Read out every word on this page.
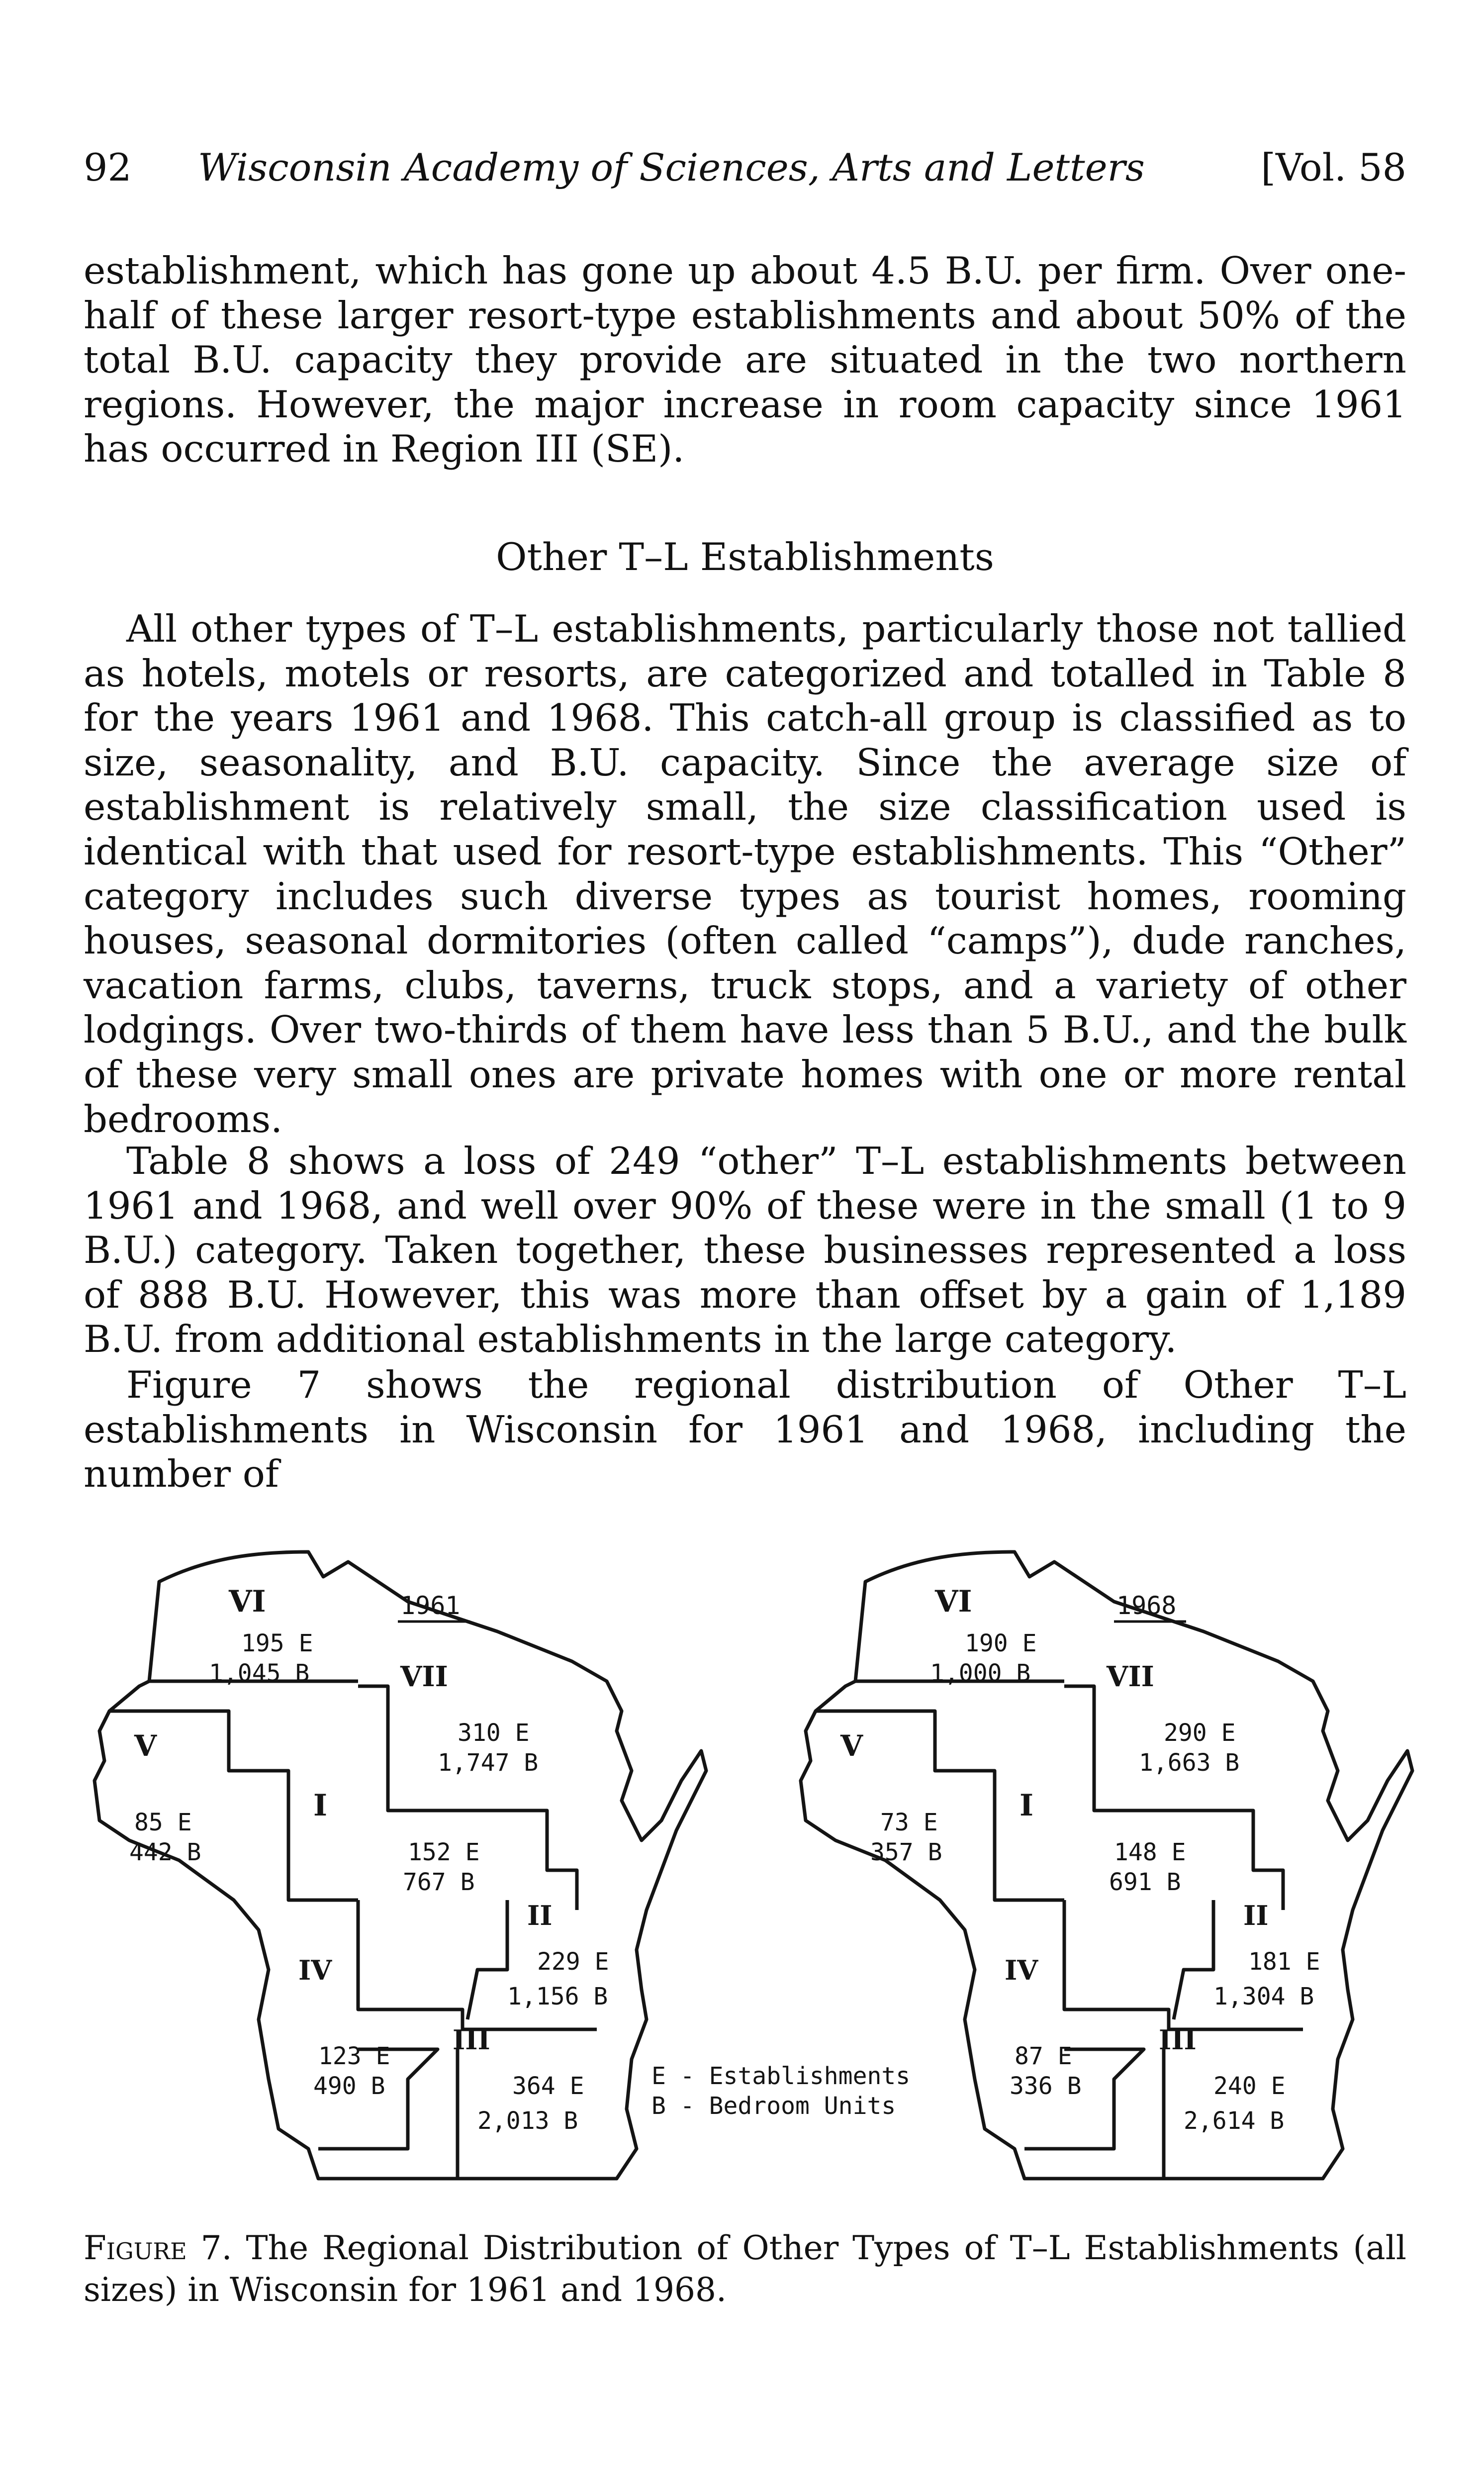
92 Wisconsin Academy of Sciences, Arts and Letters	[Vol. 58

establishment, which has gone up about 4.5 B.U. per firm. Over one-half of these larger resort-type establishments and about 50% of the total B.U. capacity they provide are situated in the two northern regions. However, the major increase in room capacity since 1961 has occurred in Region III (SE).

Other T–L Establishments

All other types of T–L establishments, particularly those not tallied as hotels, motels or resorts, are categorized and totalled in Table 8 for the years 1961 and 1968. This catch-all group is classified as to size, seasonality, and B.U. capacity. Since the average size of establishment is relatively small, the size classification used is identical with that used for resort-type establishments. This “Other” category includes such diverse types as tourist homes, rooming houses, seasonal dormitories (often called “camps”), dude ranches, vacation farms, clubs, taverns, truck stops, and a variety of other lodgings. Over two-thirds of them have less than 5 B.U., and the bulk of these very small ones are private homes with one or more rental bedrooms.

Table 8 shows a loss of 249 “other” T–L establishments between 1961 and 1968, and well over 90% of these were in the small (1 to 9 B.U.) category. Taken together, these businesses represented a loss of 888 B.U. However, this was more than offset by a gain of 1,189 B.U. from additional establishments in the large category.

Figure 7 shows the regional distribution of Other T–L establishments in Wisconsin for 1961 and 1968, including the number of

1961
VI
195 E
1,045 B	VII
310 E
1,747 B
V
85 E
442 B
I
152 E
767 B
II
229 E
1,156 B
IV
123 E
490 B
III
364 E
2,013 B
E - Establishments
B - Bedroom Units
1968
VI
190 E
1,000 B	VII
290 E
1,663 B
V
73 E
357 B
I
148 E
691 B
II
181 E
1,304 B
IV
87 E
336 B
III
240 E
2,614 B

Figure 7. The Regional Distribution of Other Types of T–L Establishments (all sizes) in Wisconsin for 1961 and 1968.
